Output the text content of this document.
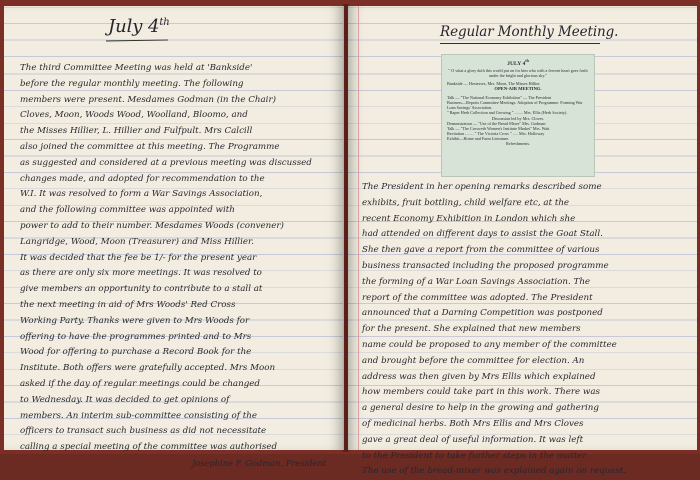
July 4th
The third Committee Meeting was held at 'Bankside'
before the regular monthly meeting. The following
members were present. Mesdames Godman (in the Chair)
Cloves, Moon, Woods Wood, Woolland, Bloomo, and
the Misses Hillier, L. Hillier and Fulfpult. Mrs Calcill
also joined the committee at this meeting. The Programme
as suggested and considered at a previous meeting was discussed
changes made, and adopted for recommendation to the
W.I. It was resolved to form a War Savings Association,
and the following committee was appointed with
power to add to their number. Mesdames Woods (convener)
Langridge, Wood, Moon (Treasurer) and Miss Hillier.
It was decided that the fee be 1/- for the present year
as there are only six more meetings. It was resolved to
give members an opportunity to contribute to a stall at
the next meeting in aid of Mrs Woods' Red Cross
Working Party. Thanks were given to Mrs Woods for
offering to have the programmes printed and to Mrs
Wood for offering to purchase a Record Book for the
Institute. Both offers were gratefully accepted. Mrs Moon
asked if the day of regular meetings could be changed
to Wednesday. It was decided to get opinions of
members. An interim sub-committee consisting of the
officers to transact such business as did not necessitate
calling a special meeting of the committee was authorised
Josephine F. Godman, President
Regular Monthly Meeting.
JULY 4th
" O what a glory doth this world put on for him who with a fervent heart goes forth under the bright and glorious sky."
Bankside — Hostesses, Mrs. Moon, The Misses Hillier.
OPEN-AIR MEETING.
Talk — "The National Economy Exhibition" — The President
Business—Reports Committee Meetings. Adoption of Programme. Forming War Loan Savings' Association.
" Raper Herb Collection and Growing " ........ Mrs. Ellis (Herb Society).
Discussion led by Mrs. Cloves.
Demonstration — "Use of the Bread Mixer" Mrs. Godman
Talk — "The Crosweth Women's Institute Market" Mrs. Watt
Recitation ........ " The Victoria Cross " ..... Mrs. Holloway
Exhibit—Home and Farm Literature.
Refreshments.
The President in her opening remarks described some
exhibits, fruit bottling, child welfare etc, at the
recent Economy Exhibition in London which she
had attended on different days to assist the Goat Stall.
She then gave a report from the committee of various
business transacted including the proposed programme
the forming of a War Loan Savings Association. The
report of the committee was adopted. The President
announced that a Darning Competition was postponed
for the present. She explained that new members
name could be proposed to any member of the committee
and brought before the committee for election. An
address was then given by Mrs Ellis which explained
how members could take part in this work. There was
a general desire to help in the growing and gathering
of medicinal herbs. Both Mrs Ellis and Mrs Cloves
gave a great deal of useful information. It was left
to the President to take further steps in the matter.
The use of the bread-mixer was explained again on request.
